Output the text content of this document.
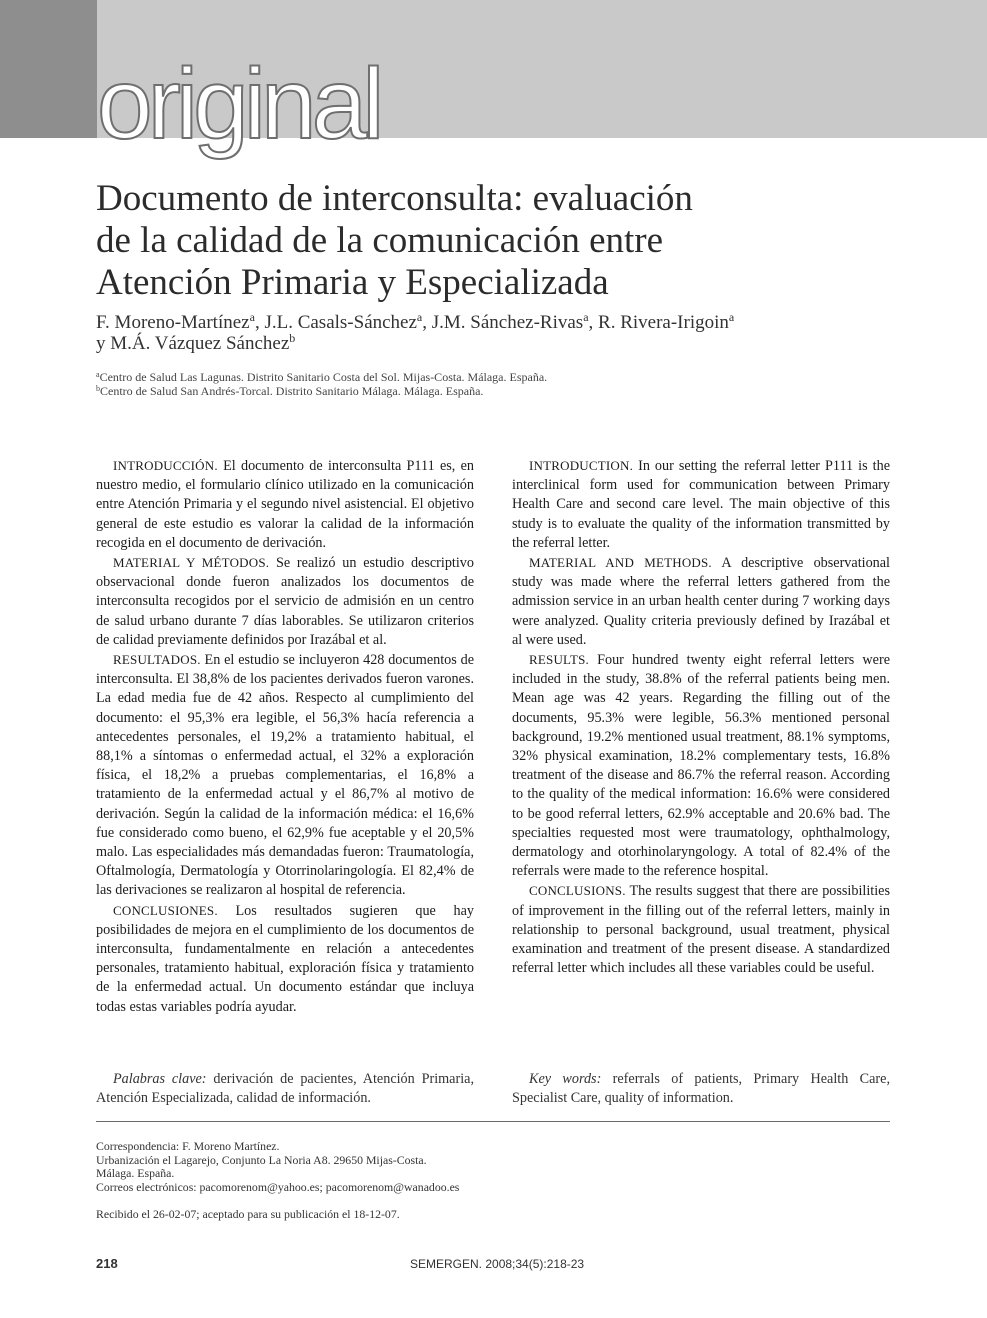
original
Documento de interconsulta: evaluación
de la calidad de la comunicación entre
Atención Primaria y Especializada
F. Moreno-Martínez$^a$, J.L. Casals-Sánchez$^a$, J.M. Sánchez-Rivas$^a$, R. Rivera-Irigoin$^a$
y M.Á. Vázquez Sánchez$^b$
$^a$Centro de Salud Las Lagunas. Distrito Sanitario Costa del Sol. Mijas-Costa. Málaga. España.
$^b$Centro de Salud San Andrés-Torcal. Distrito Sanitario Málaga. Málaga. España.

INTRODUCCIÓN. El documento de interconsulta P111 es, en nuestro medio, el formulario clínico utilizado en la comunicación entre Atención Primaria y el segundo nivel asistencial. El objetivo general de este estudio es valorar la calidad de la información recogida en el documento de derivación.

MATERIAL Y MÉTODOS. Se realizó un estudio descriptivo observacional donde fueron analizados los documentos de interconsulta recogidos por el servicio de admisión en un centro de salud urbano durante 7 días laborables. Se utilizaron criterios de calidad previamente definidos por Irazábal et al.

RESULTADOS. En el estudio se incluyeron 428 documentos de interconsulta. El 38,8% de los pacientes derivados fueron varones. La edad media fue de 42 años. Respecto al cumplimiento del documento: el 95,3% era legible, el 56,3% hacía referencia a antecedentes personales, el 19,2% a tratamiento habitual, el 88,1% a síntomas o enfermedad actual, el 32% a exploración física, el 18,2% a pruebas complementarias, el 16,8% a tratamiento de la enfermedad actual y el 86,7% al motivo de derivación. Según la calidad de la información médica: el 16,6% fue considerado como bueno, el 62,9% fue aceptable y el 20,5% malo. Las especialidades más demandadas fueron: Traumatología, Oftalmología, Dermatología y Otorrinolaringología. El 82,4% de las derivaciones se realizaron al hospital de referencia.

CONCLUSIONES. Los resultados sugieren que hay posibilidades de mejora en el cumplimiento de los documentos de interconsulta, fundamentalmente en relación a antecedentes personales, tratamiento habitual, exploración física y tratamiento de la enfermedad actual. Un documento estándar que incluya todas estas variables podría ayudar.

INTRODUCTION. In our setting the referral letter P111 is the interclinical form used for communication between Primary Health Care and second care level. The main objective of this study is to evaluate the quality of the information transmitted by the referral letter.

MATERIAL AND METHODS. A descriptive observational study was made where the referral letters gathered from the admission service in an urban health center during 7 working days were analyzed. Quality criteria previously defined by Irazábal et al were used.

RESULTS. Four hundred twenty eight referral letters were included in the study, 38.8% of the referral patients being men. Mean age was 42 years. Regarding the filling out of the documents, 95.3% were legible, 56.3% mentioned personal background, 19.2% mentioned usual treatment, 88.1% symptoms, 32% physical examination, 18.2% complementary tests, 16.8% treatment of the disease and 86.7% the referral reason. According to the quality of the medical information: 16.6% were considered to be good referral letters, 62.9% acceptable and 20.6% bad. The specialties requested most were traumatology, ophthalmology, dermatology and otorhinolaryngology. A total of 82.4% of the referrals were made to the reference hospital.

CONCLUSIONS. The results suggest that there are possibilities of improvement in the filling out of the referral letters, mainly in relationship to personal background, usual treatment, physical examination and treatment of the present disease. A standardized referral letter which includes all these variables could be useful.

Palabras clave: derivación de pacientes, Atención Primaria, Atención Especializada, calidad de información.

Key words: referrals of patients, Primary Health Care, Specialist Care, quality of information.

Correspondencia: F. Moreno Martínez.
Urbanización el Lagarejo, Conjunto La Noria A8. 29650 Mijas-Costa.
Málaga. España.
Correos electrónicos: pacomorenom@yahoo.es; pacomorenom@wanadoo.es
Recibido el 26-02-07; aceptado para su publicación el 18-12-07.
218	SEMERGEN. 2008;34(5):218-23
